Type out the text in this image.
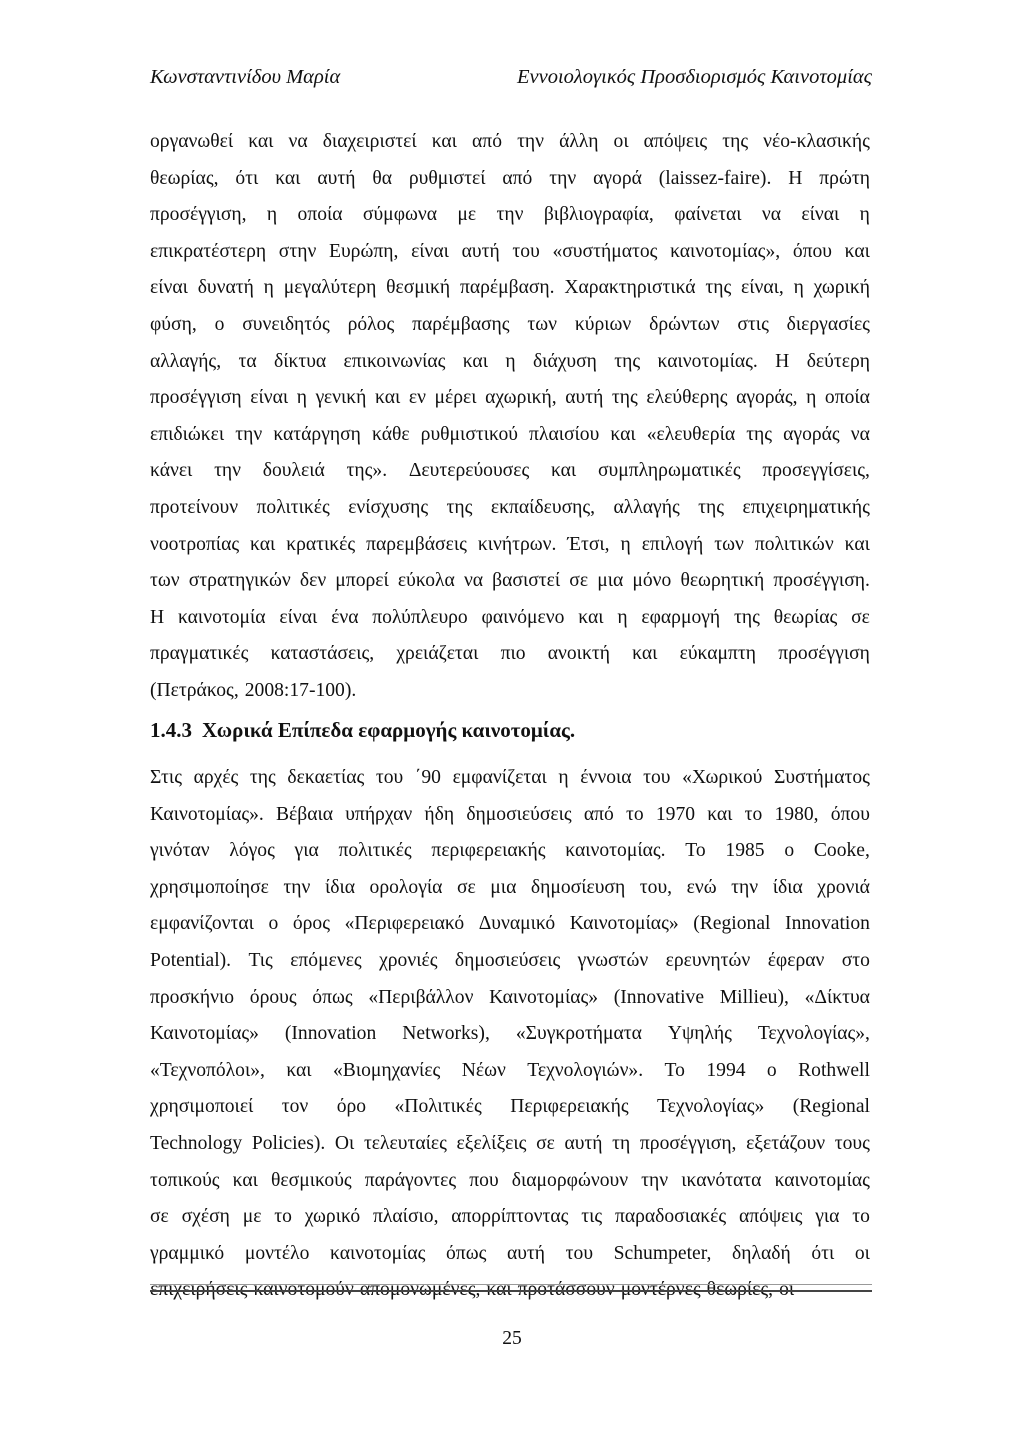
Κωνσταντινίδου Μαρία	Εννοιολογικός Προσδιορισμός Καινοτομίας
οργανωθεί και να διαχειριστεί και από την άλλη οι απόψεις της νέο-κλασικής
θεωρίας, ότι και αυτή θα ρυθμιστεί από την αγορά (laissez-faire). Η πρώτη
προσέγγιση, η οποία σύμφωνα με την βιβλιογραφία, φαίνεται να είναι η
επικρατέστερη στην Ευρώπη, είναι αυτή του «συστήματος καινοτομίας», όπου και
είναι δυνατή η μεγαλύτερη θεσμική παρέμβαση. Χαρακτηριστικά της είναι, η χωρική
φύση, ο συνειδητός ρόλος παρέμβασης των κύριων δρώντων στις διεργασίες
αλλαγής, τα δίκτυα επικοινωνίας και η διάχυση της καινοτομίας. Η δεύτερη
προσέγγιση είναι η γενική και εν μέρει αχωρική, αυτή της ελεύθερης αγοράς, η οποία
επιδιώκει την κατάργηση κάθε ρυθμιστικού πλαισίου και «ελευθερία της αγοράς να
κάνει την δουλειά της». Δευτερεύουσες και συμπληρωματικές προσεγγίσεις,
προτείνουν πολιτικές ενίσχυσης της εκπαίδευσης, αλλαγής της επιχειρηματικής
νοοτροπίας και κρατικές παρεμβάσεις κινήτρων. Έτσι, η επιλογή των πολιτικών και
των στρατηγικών δεν μπορεί εύκολα να βασιστεί σε μια μόνο θεωρητική προσέγγιση.
Η καινοτομία είναι ένα πολύπλευρο φαινόμενο και η εφαρμογή της θεωρίας σε
πραγματικές καταστάσεις, χρειάζεται πιο ανοικτή και εύκαμπτη προσέγγιση
(Πετράκος, 2008:17-100).
1.4.3 Χωρικά Επίπεδα εφαρμογής καινοτομίας.
Στις αρχές της δεκαετίας του ΄90 εμφανίζεται η έννοια του «Χωρικού Συστήματος
Καινοτομίας». Βέβαια υπήρχαν ήδη δημοσιεύσεις από το 1970 και το 1980, όπου
γινόταν λόγος για πολιτικές περιφερειακής καινοτομίας. Το 1985 ο Cooke,
χρησιμοποίησε την ίδια ορολογία σε μια δημοσίευση του, ενώ την ίδια χρονιά
εμφανίζονται ο όρος «Περιφερειακό Δυναμικό Καινοτομίας» (Regional Innovation
Potential). Τις επόμενες χρονιές δημοσιεύσεις γνωστών ερευνητών έφεραν στο
προσκήνιο όρους όπως «Περιβάλλον Καινοτομίας» (Innovative Millieu), «Δίκτυα
Καινοτομίας» (Innovation Networks), «Συγκροτήματα Υψηλής Τεχνολογίας»,
«Τεχνοπόλοι», και «Βιομηχανίες Νέων Τεχνολογιών». Το 1994 ο Rothwell
χρησιμοποιεί τον όρο «Πολιτικές Περιφερειακής Τεχνολογίας» (Regional
Technology Policies). Οι τελευταίες εξελίξεις σε αυτή τη προσέγγιση, εξετάζουν τους
τοπικούς και θεσμικούς παράγοντες που διαμορφώνουν την ικανότατα καινοτομίας
σε σχέση με το χωρικό πλαίσιο, απορρίπτοντας τις παραδοσιακές απόψεις για το
γραμμικό μοντέλο καινοτομίας όπως αυτή του Schumpeter, δηλαδή ότι οι
επιχειρήσεις καινοτομούν απομονωμένες, και προτάσσουν μοντέρνες θεωρίες, οι
25
